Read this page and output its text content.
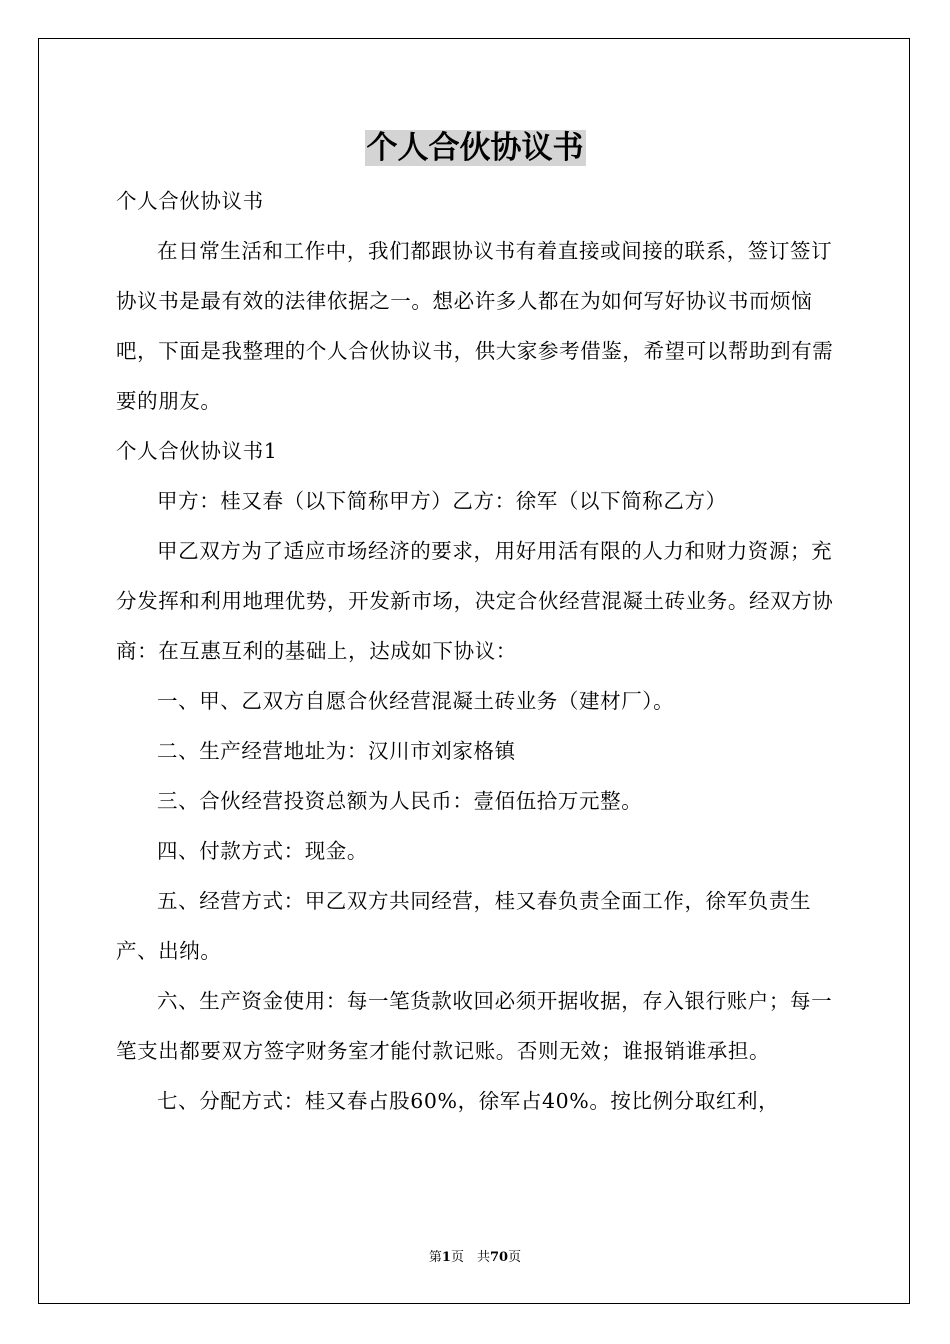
个人合伙协议书

个人合伙协议书

在日常生活和工作中，我们都跟协议书有着直接或间接的联系，签订签订协议书是最有效的法律依据之一。想必许多人都在为如何写好协议书而烦恼吧，下面是我整理的个人合伙协议书，供大家参考借鉴，希望可以帮助到有需要的朋友。

个人合伙协议书1

甲方：桂又春（以下简称甲方）乙方：徐军（以下简称乙方）

甲乙双方为了适应市场经济的要求，用好用活有限的人力和财力资源；充分发挥和利用地理优势，开发新市场，决定合伙经营混凝土砖业务。经双方协商：在互惠互利的基础上，达成如下协议：

一、甲、乙双方自愿合伙经营混凝土砖业务（建材厂）。

二、生产经营地址为：汉川市刘家格镇

三、合伙经营投资总额为人民币：壹佰伍拾万元整。

四、付款方式：现金。

五、经营方式：甲乙双方共同经营，桂又春负责全面工作，徐军负责生产、出纳。

六、生产资金使用：每一笔货款收回必须开据收据，存入银行账户；每一笔支出都要双方签字财务室才能付款记账。否则无效；谁报销谁承担。

七、分配方式：桂又春占股60%，徐军占40%。按比例分取红利，

第1页　共70页
